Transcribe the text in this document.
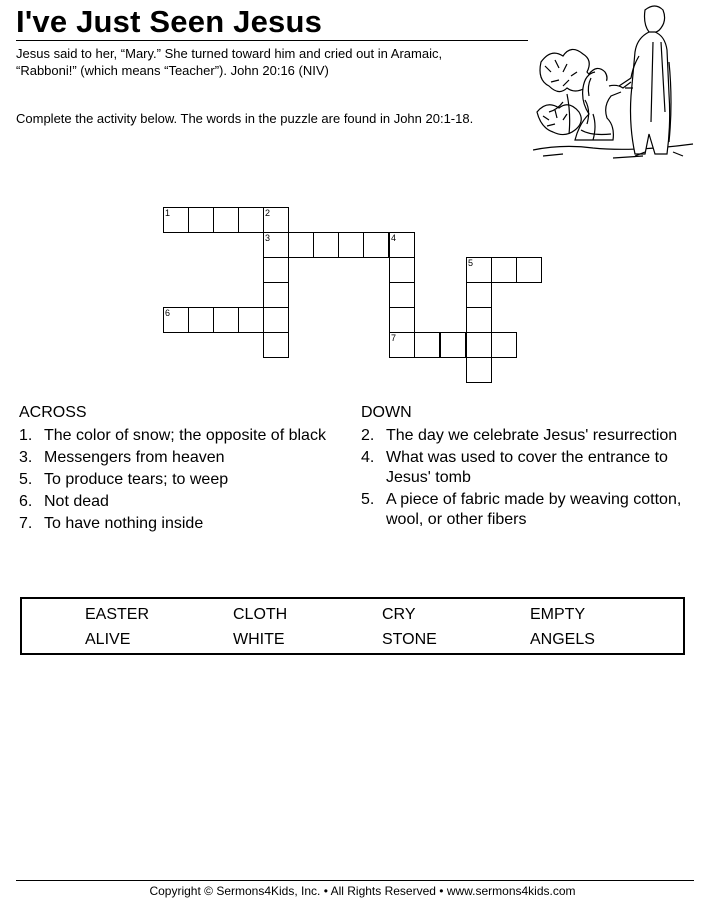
I've Just Seen Jesus
Jesus said to her, “Mary.” She turned toward him and cried out in Aramaic,
“Rabboni!” (which means “Teacher”). John 20:16 (NIV)
Complete the activity below. The words in the puzzle are found in John 20:1-18.
1	2
3	4
6
5
7
ACROSS
1. The color of snow; the opposite of black
3. Messengers from heaven
5. To produce tears; to weep
6. Not dead
7. To have nothing inside
DOWN
2. The day we celebrate Jesus' resurrection
4. What was used to cover the entrance to Jesus' tomb
5. A piece of fabric made by weaving cotton, wool, or other fibers
EASTER	CLOTH	CRY	EMPTY
ALIVE	WHITE	STONE	ANGELS
Copyright © Sermons4Kids, Inc. • All Rights Reserved • www.sermons4kids.com
